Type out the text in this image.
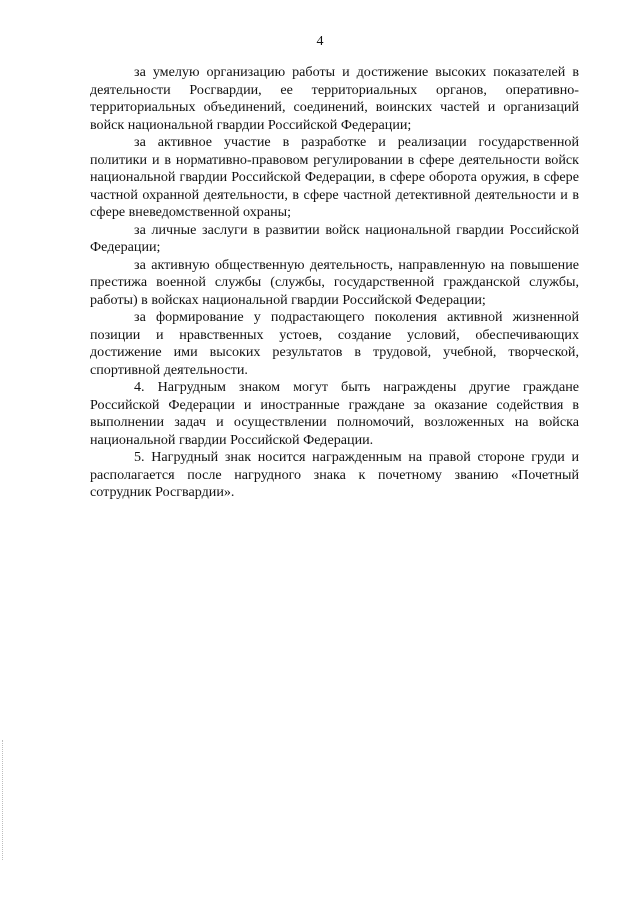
4

за умелую организацию работы и достижение высоких показателей в деятельности Росгвардии, ее территориальных органов, оперативно-территориальных объединений, соединений, воинских частей и организаций войск национальной гвардии Российской Федерации;

за активное участие в разработке и реализации государственной политики и в нормативно-правовом регулировании в сфере деятельности войск национальной гвардии Российской Федерации, в сфере оборота оружия, в сфере частной охранной деятельности, в сфере частной детективной деятельности и в сфере вневедомственной охраны;

за личные заслуги в развитии войск национальной гвардии Российской Федерации;

за активную общественную деятельность, направленную на повышение престижа военной службы (службы, государственной гражданской службы, работы) в войсках национальной гвардии Российской Федерации;

за формирование у подрастающего поколения активной жизненной позиции и нравственных устоев, создание условий, обеспечивающих достижение ими высоких результатов в трудовой, учебной, творческой, спортивной деятельности.

4. Нагрудным знаком могут быть награждены другие граждане Российской Федерации и иностранные граждане за оказание содействия в выполнении задач и осуществлении полномочий, возложенных на войска национальной гвардии Российской Федерации.

5. Нагрудный знак носится награжденным на правой стороне груди и располагается после нагрудного знака к почетному званию «Почетный сотрудник Росгвардии».
